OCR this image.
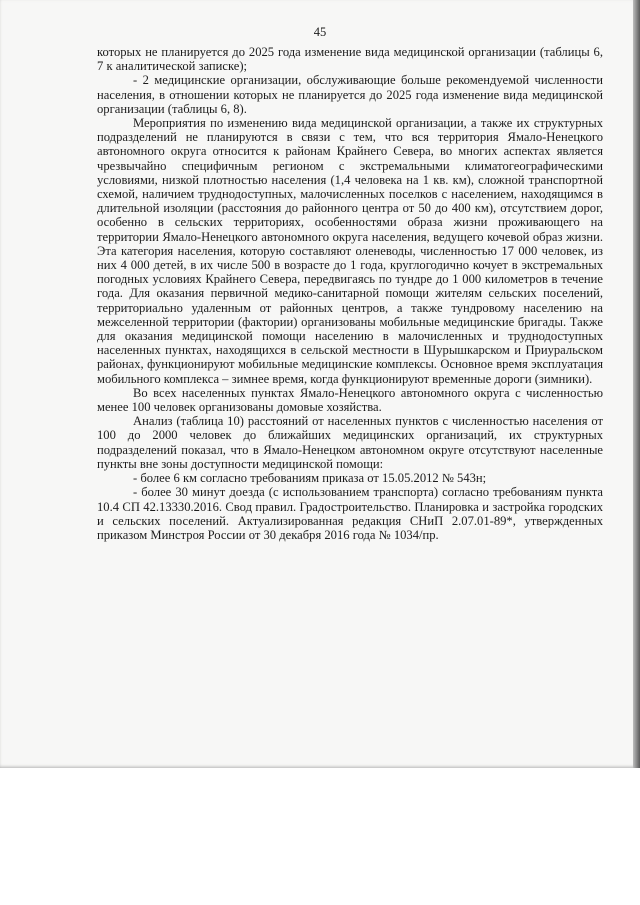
45

которых не планируется до 2025 года изменение вида медицинской организации (таблицы 6, 7 к аналитической записке);

- 2 медицинские организации, обслуживающие больше рекомендуемой численности населения, в отношении которых не планируется до 2025 года изменение вида медицинской организации (таблицы 6, 8).

Мероприятия по изменению вида медицинской организации, а также их структурных подразделений не планируются в связи с тем, что вся территория Ямало-Ненецкого автономного округа относится к районам Крайнего Севера, во многих аспектах является чрезвычайно специфичным регионом с экстремальными климатогеографическими условиями, низкой плотностью населения (1,4 человека на 1 кв. км), сложной транспортной схемой, наличием труднодоступных, малочисленных поселков с населением, находящимся в длительной изоляции (расстояния до районного центра от 50 до 400 км), отсутствием дорог, особенно в сельских территориях, особенностями образа жизни проживающего на территории Ямало-Ненецкого автономного округа населения, ведущего кочевой образ жизни. Эта категория населения, которую составляют оленеводы, численностью 17 000 человек, из них 4 000 детей, в их числе 500 в возрасте до 1 года, круглогодично кочует в экстремальных погодных условиях Крайнего Севера, передвигаясь по тундре до 1 000 километров в течение года. Для оказания первичной медико-санитарной помощи жителям сельских поселений, территориально удаленным от районных центров, а также тундровому населению на межселенной территории (фактории) организованы мобильные медицинские бригады. Также для оказания медицинской помощи населению в малочисленных и труднодоступных населенных пунктах, находящихся в сельской местности в Шурышкарском и Приуральском районах, функционируют мобильные медицинские комплексы. Основное время эксплуатация мобильного комплекса – зимнее время, когда функционируют временные дороги (зимники).

Во всех населенных пунктах Ямало-Ненецкого автономного округа с численностью менее 100 человек организованы домовые хозяйства.

Анализ (таблица 10) расстояний от населенных пунктов с численностью населения от 100 до 2000 человек до ближайших медицинских организаций, их структурных подразделений показал, что в Ямало-Ненецком автономном округе отсутствуют населенные пункты вне зоны доступности медицинской помощи:

- более 6 км согласно требованиям приказа от 15.05.2012 № 543н;

- более 30 минут доезда (с использованием транспорта) согласно требованиям пункта 10.4 СП 42.13330.2016. Свод правил. Градостроительство. Планировка и застройка городских и сельских поселений. Актуализированная редакция СНиП 2.07.01-89*, утвержденных приказом Минстроя России от 30 декабря 2016 года № 1034/пр.
